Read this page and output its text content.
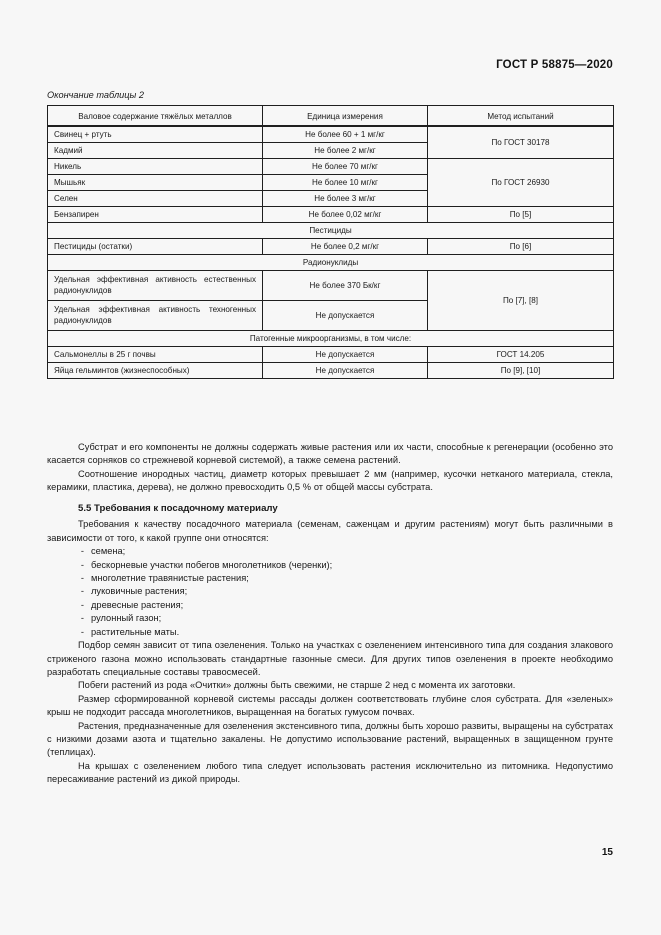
ГОСТ Р 58875—2020
Окончание таблицы 2
Валовое содержание тяжёлых металлов	Единица измерения	Метод испытаний
Свинец + ртуть	Не более 60 + 1 мг/кг	По ГОСТ 30178
Кадмий	Не более 2 мг/кг	
Никель	Не более 70 мг/кг	По ГОСТ 26930
Мышьяк	Не более 10 мг/кг	
Селен	Не более 3 мг/кг	
Бензапирен	Не более 0,02 мг/кг	По [5]
Пестициды		
Пестициды (остатки)	Не более 0,2 мг/кг	По [6]
Радионуклиды		
Удельная эффективная активность естественных радионуклидов	Не более 370 Бк/кг	По [7], [8]
Удельная эффективная активность техногенных радионуклидов	Не допускается	
Патогенные микроорганизмы, в том числе:		
Сальмонеллы в 25 г почвы	Не допускается	ГОСТ 14.205
Яйца гельминтов (жизнеспособных)	Не допускается	По [9], [10]

Субстрат и его компоненты не должны содержать живые растения или их части, способные к регенерации (особенно это касается сорняков со стрежневой корневой системой), а также семена растений.

Соотношение инородных частиц, диаметр которых превышает 2 мм (например, кусочки нетканого материала, стекла, керамики, пластика, дерева), не должно превосходить 0,5 % от общей массы субстрата.

5.5 Требования к посадочному материалу

Требования к качеству посадочного материала (семенам, саженцам и другим растениям) могут быть различными в зависимости от того, к какой группе они относятся:

- семена;
- бескорневые участки побегов многолетников (черенки);
- многолетние травянистые растения;
- луковичные растения;
- древесные растения;
- рулонный газон;
- растительные маты.

Подбор семян зависит от типа озеленения. Только на участках с озеленением интенсивного типа для создания злакового стриженого газона можно использовать стандартные газонные смеси. Для других типов озеленения в проекте необходимо разработать специальные составы травосмесей.

Побеги растений из рода «Очитки» должны быть свежими, не старше 2 нед с момента их заготовки.

Размер сформированной корневой системы рассады должен соответствовать глубине слоя субстрата. Для «зеленых» крыш не подходит рассада многолетников, выращенная на богатых гумусом почвах.

Растения, предназначенные для озеленения экстенсивного типа, должны быть хорошо развиты, выращены на субстратах с низкими дозами азота и тщательно закалены. Не допустимо использование растений, выращенных в защищенном грунте (теплицах).

На крышах с озеленением любого типа следует использовать растения исключительно из питомника. Недопустимо пересаживание растений из дикой природы.

15
